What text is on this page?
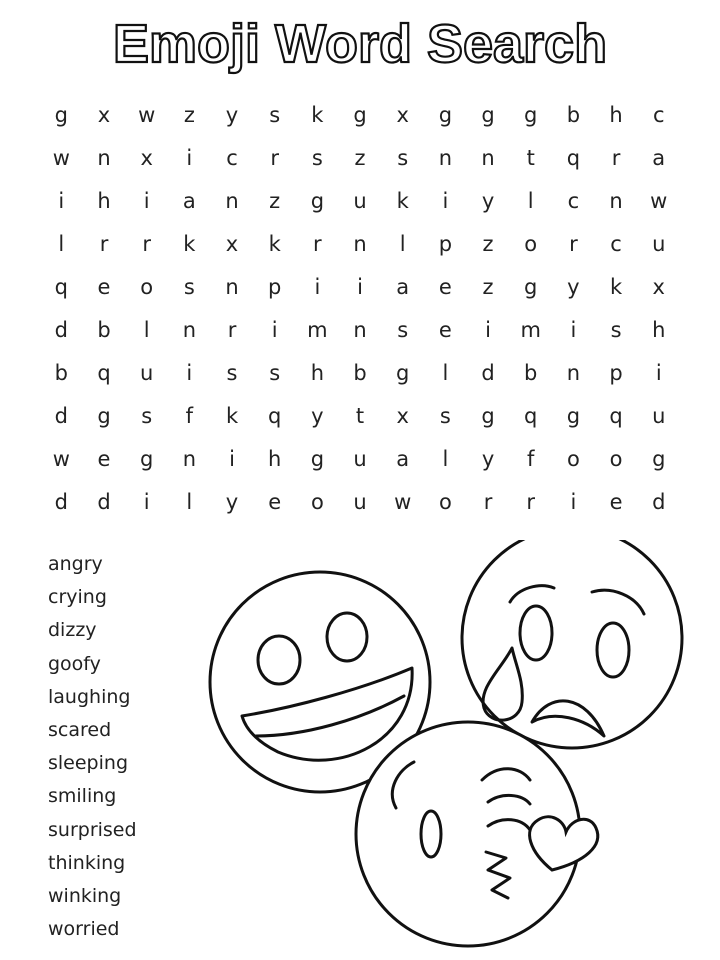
Emoji Word Search
g	x	w	z	y	s	k	g	x	g	g	g	b	h	c
w	n	x	i	c	r	s	z	s	n	n	t	q	r	a
i	h	i	a	n	z	g	u	k	i	y	l	c	n	w
l	r	r	k	x	k	r	n	l	p	z	o	r	c	u
q	e	o	s	n	p	i	i	a	e	z	g	y	k	x
d	b	l	n	r	i	m	n	s	e	i	m	i	s	h
b	q	u	i	s	s	h	b	g	l	d	b	n	p	i
d	g	s	f	k	q	y	t	x	s	g	q	g	q	u
w	e	g	n	i	h	g	u	a	l	y	f	o	o	g
d	d	i	l	y	e	o	u	w	o	r	r	i	e	d
angry
crying
dizzy
goofy
laughing
scared
sleeping
smiling
surprised
thinking
winking
worried
